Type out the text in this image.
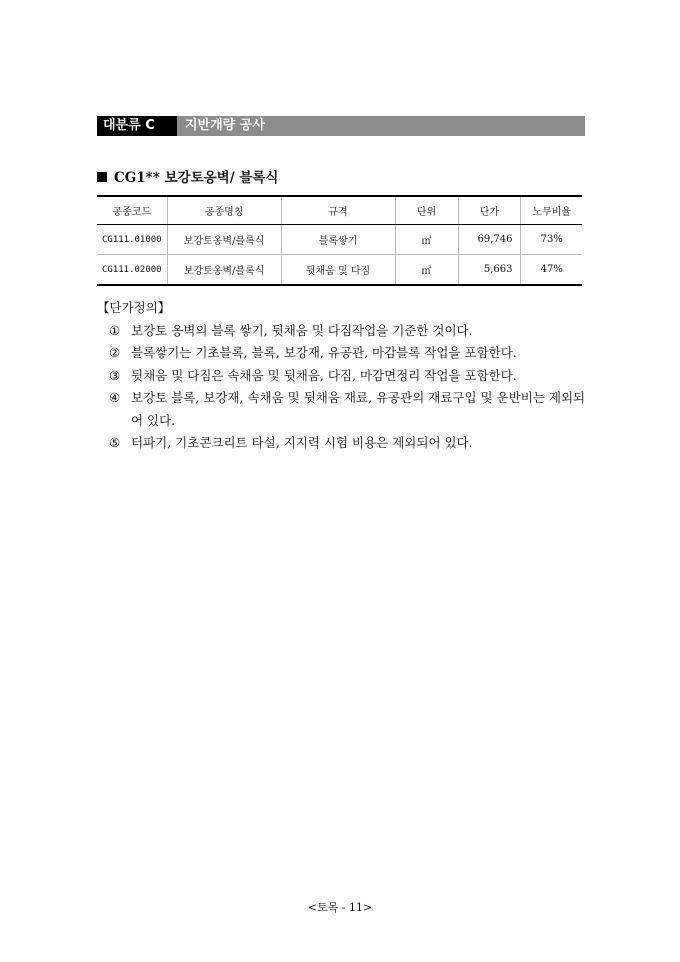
대분류 C	지반개량 공사
CG1** 보강토옹벽/ 블록식
공종코드	공종명칭	규격	단위	단가	노무비율
CG111.01000	보강토옹벽/블록식	블록쌓기	㎡	69,746	73%
CG111.02000	보강토옹벽/블록식	뒷채움 및 다짐	㎡	5,663	47%
【단가정의】
① 보강토 옹벽의 블록 쌓기, 뒷채움 및 다짐작업을 기준한 것이다.
② 블록쌓기는 기초블록, 블록, 보강재, 유공관, 마감블록 작업을 포함한다.
③ 뒷채움 및 다짐은 속채움 및 뒷채움, 다짐, 마감면정리 작업을 포함한다.
④ 보강토 블록, 보강재, 속채움 및 뒷채움 재료, 유공관의 재료구입 및 운반비는 제외되어 있다.
⑤ 터파기, 기초콘크리트 타설, 지지력 시험 비용은 제외되어 있다.
<토목 - 11>
